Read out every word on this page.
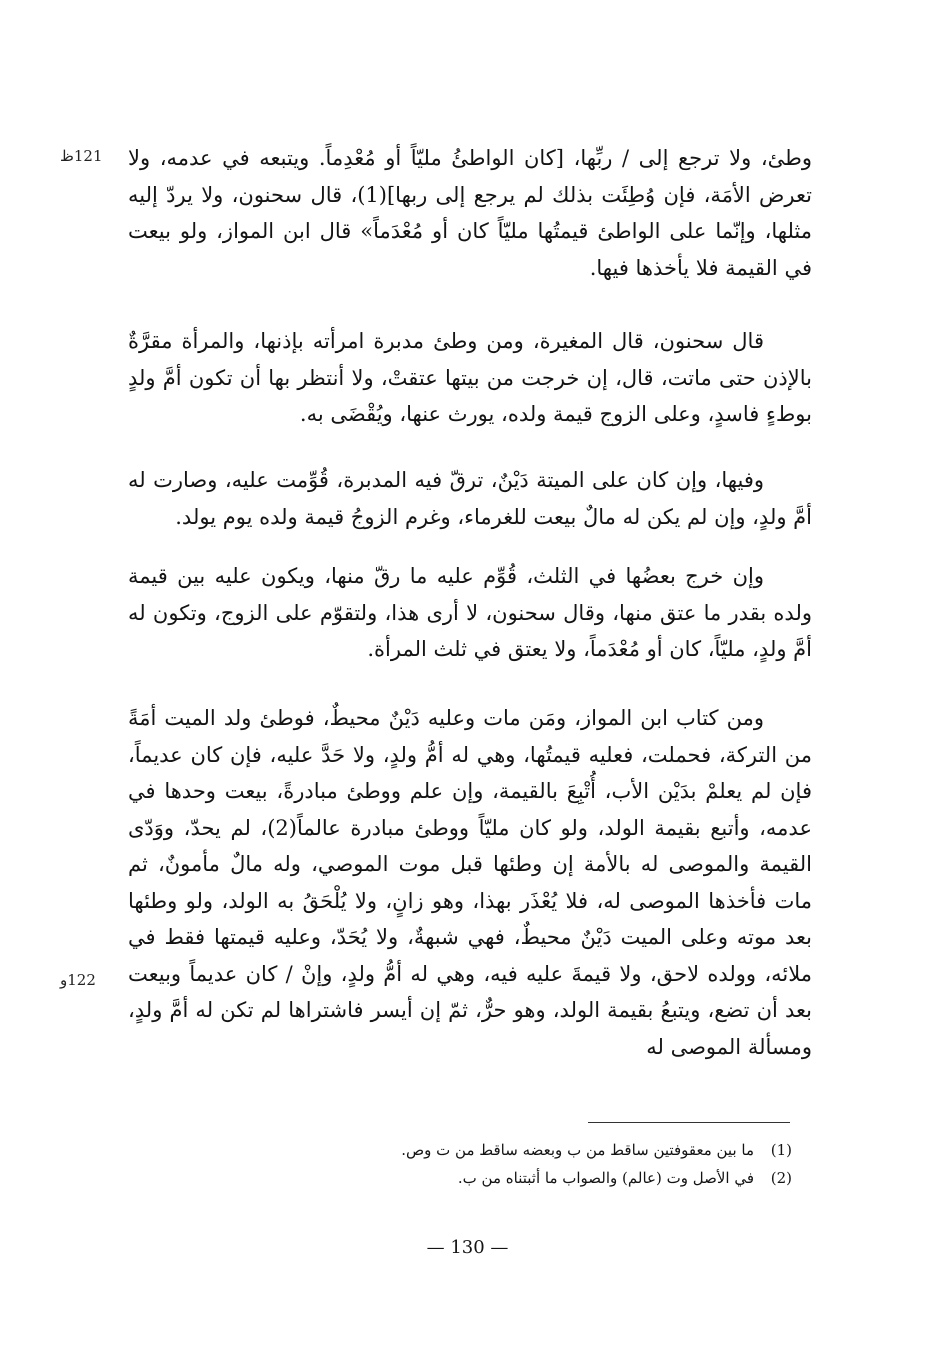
121ظ
122و

وطئ، ولا ترجع إلى / ربِّها، [كان الواطئُ مليّاً أو مُعْدِماً. ويتبعه في عدمه، ولا تعرض الأمَة، فإن وُطِئَت بذلك لم يرجع إلى ربها](1)، قال سحنون، ولا يردّ إليه مثلها، وإنّما على الواطئ قيمتُها مليّاً كان أو مُعْدَماً» قال ابن المواز، ولو بيعت في القيمة فلا يأخذها فيها.

قال سحنون، قال المغيرة، ومن وطئ مدبرة امرأته بإذنها، والمرأة مقرَّةٌ بالإذن حتى ماتت، قال، إن خرجت من بيتها عتقتْ، ولا أنتظر بها أن تكون أمَّ ولدٍ بوطءٍ فاسدٍ، وعلى الزوج قيمة ولده، يورث عنها، ويُقْضَى به.

وفيها، وإن كان على الميتة دَيْنٌ، ترقّ فيه المدبرة، قُوِّمت عليه، وصارت له أمَّ ولدٍ، وإن لم يكن له مالٌ بيعت للغرماء، وغرم الزوجُ قيمة ولده يوم يولد.

وإن خرج بعضُها في الثلث، قُوِّم عليه ما رقّ منها، ويكون عليه بين قيمة ولده بقدر ما عتق منها، وقال سحنون، لا أرى هذا، ولتقوّم على الزوج، وتكون له أمَّ ولدٍ، مليّاً، كان أو مُعْدَماً، ولا يعتق في ثلث المرأة.

ومن كتاب ابن المواز، ومَن مات وعليه دَيْنٌ محيطٌ، فوطئ ولد الميت أمَةً من التركة، فحملت، فعليه قيمتُها، وهي له أمُّ ولدٍ، ولا حَدَّ عليه، فإن كان عديماً، فإن لم يعلمْ بدَيْن الأب، أُتْبِعَ بالقيمة، وإن علم ووطئ مبادرةً، بيعت وحدها في عدمه، وأتبع بقيمة الولد، ولو كان مليّاً ووطئ مبادرة عالماً(2)، لم يحدّ، ووَدّى القيمة والموصى له بالأمة إن وطئها قبل موت الموصي، وله مالٌ مأمونٌ، ثم مات فأخذها الموصى له، فلا يُعْذَر بهذا، وهو زانٍ، ولا يُلْحَقُ به الولد، ولو وطئها بعد موته وعلى الميت دَيْنٌ محيطٌ، فهي شبهةٌ، ولا يُحَدّ، وعليه قيمتها فقط في ملائه، وولده لاحق، ولا قيمةَ عليه فيه، وهي له أمُّ ولدٍ، وإنْ / كان عديماً وبيعت بعد أن تضع، ويتبعُ بقيمة الولد، وهو حرٌّ، ثمّ إن أيسر فاشتراها لم تكن له أمَّ ولدٍ، ومسألة الموصى له

(1)
ما بين معقوفتين ساقط من ب وبعضه ساقط من ت وص.
(2)
في الأصل وت (عالم) والصواب ما أثبتناه من ب.
— 130 —
